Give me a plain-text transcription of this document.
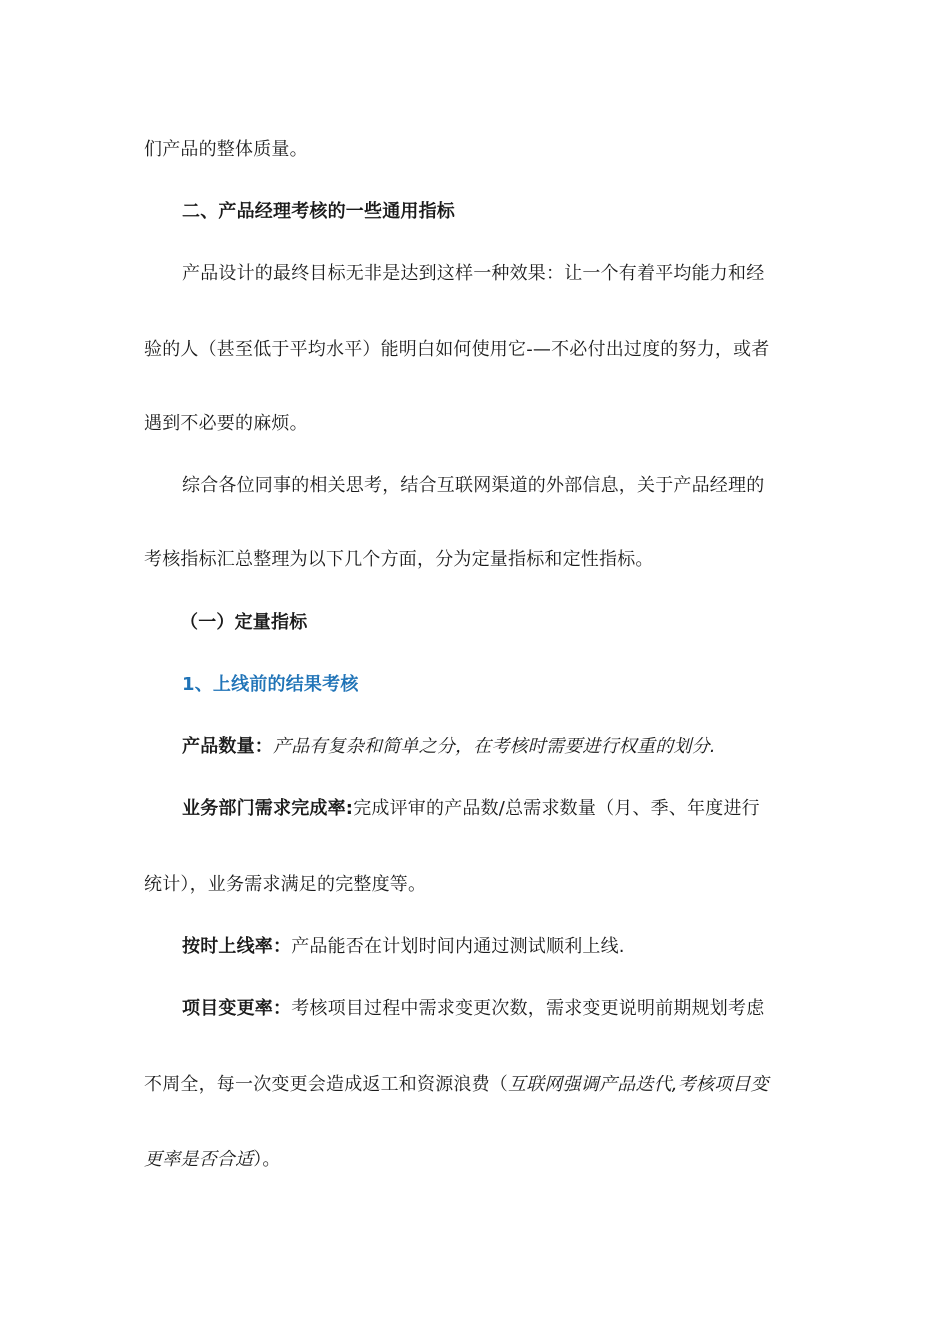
们产品的整体质量。
二、产品经理考核的一些通用指标
产品设计的最终目标无非是达到这样一种效果：让一个有着平均能力和经
验的人（甚至低于平均水平）能明白如何使用它-—不必付出过度的努力，或者
遇到不必要的麻烦。
综合各位同事的相关思考，结合互联网渠道的外部信息，关于产品经理的
考核指标汇总整理为以下几个方面，分为定量指标和定性指标。
（一）定量指标
1、上线前的结果考核
产品数量：产品有复杂和简单之分，在考核时需要进行权重的划分.
业务部门需求完成率:完成评审的产品数/总需求数量（月、季、年度进行
统计），业务需求满足的完整度等。
按时上线率：产品能否在计划时间内通过测试顺利上线.
项目变更率：考核项目过程中需求变更次数，需求变更说明前期规划考虑
不周全，每一次变更会造成返工和资源浪费（互联网强调产品迭代,考核项目变
更率是否合适）。
